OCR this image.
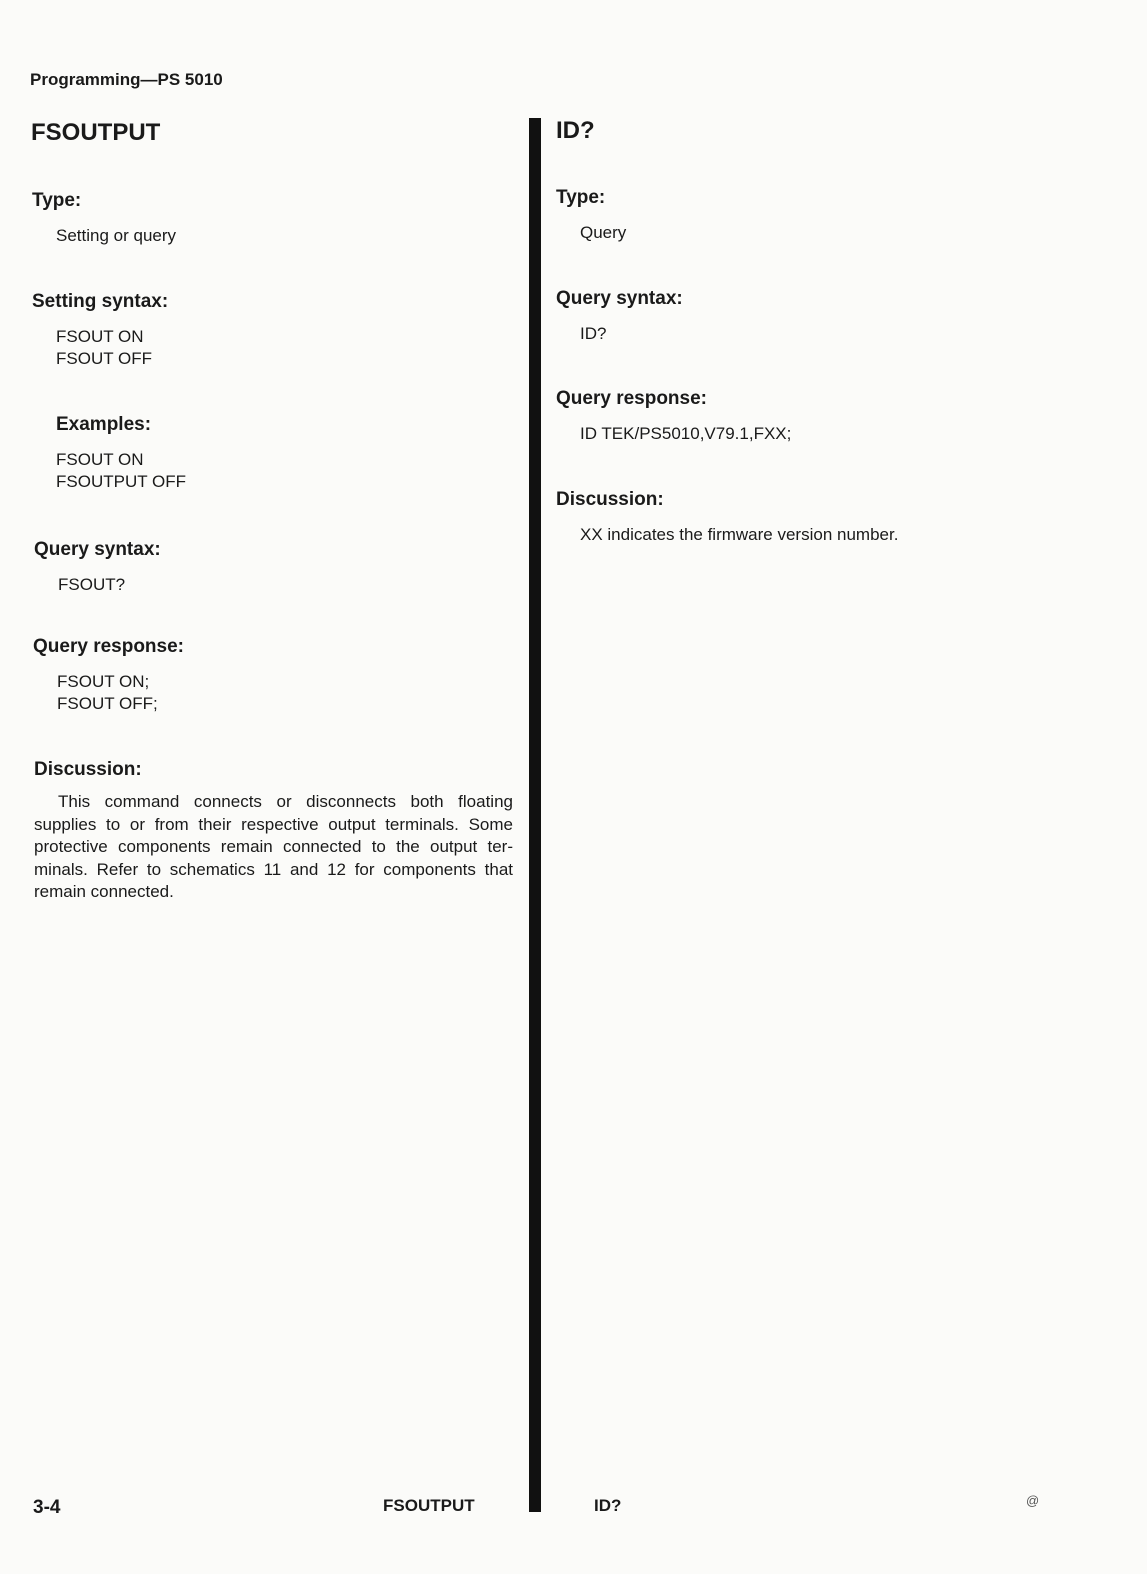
Programming—PS 5010
FSOUTPUT
Type:
Setting or query
Setting syntax:
FSOUT ON
FSOUT OFF
Examples:
FSOUT ON
FSOUTPUT OFF
Query syntax:
FSOUT?
Query response:
FSOUT ON;
FSOUT OFF;
Discussion:
This command connects or disconnects both floating supplies to or from their respective output terminals. Some protective components remain connected to the output ter-minals. Refer to schematics 11 and 12 for components that remain connected.
ID?
Type:
Query
Query syntax:
ID?
Query response:
ID TEK/PS5010,V79.1,FXX;
Discussion:
XX indicates the firmware version number.
3-4	FSOUTPUT	ID?	@
